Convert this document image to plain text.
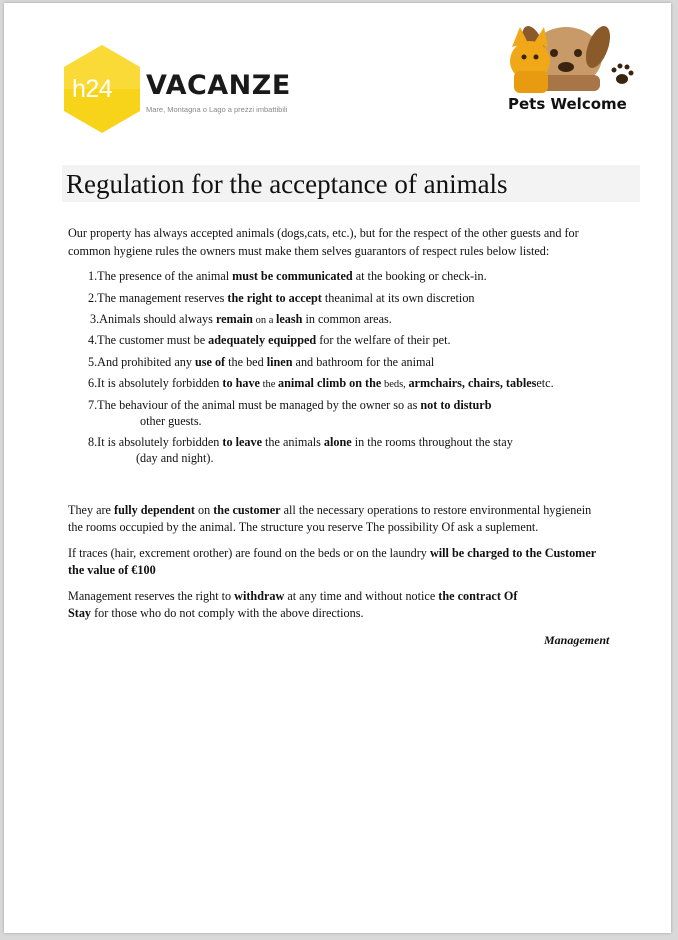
h24 VACANZE
Mare, Montagna o Lago a prezzi imbattibili	Pets Welcome
Regulation for the acceptance of animals
Our property has always accepted animals (dogs,cats, etc.), but for the respect of the other guests and for
common hygiene rules the owners must make them selves guarantors of respect rules below listed:
1.The presence of the animal must be communicated at the booking or check-in.
2.The management reserves the right to accept theanimal at its own discretion
3.Animals should always remain on a leash in common areas.
4.The customer must be adequately equipped for the welfare of their pet.
5.And prohibited any use of the bed linen and bathroom for the animal
6.It is absolutely forbidden to have the animal climb on the beds, armchairs, chairs, tablesetc.
7.The behaviour of the animal must be managed by the owner so as not to disturb
other guests.
8.It is absolutely forbidden to leave the animals alone in the rooms throughout the stay
(day and night).
They are fully dependent on the customer all the necessary operations to restore environmental hygienein
the rooms occupied by the animal. The structure you reserve The possibility Of ask a suplement.
If traces (hair, excrement orother) are found on the beds or on the laundry will be charged to the Customer
the value of €100
Management reserves the right to withdraw at any time and without notice the contract Of
Stay for those who do not comply with the above directions.
Management
